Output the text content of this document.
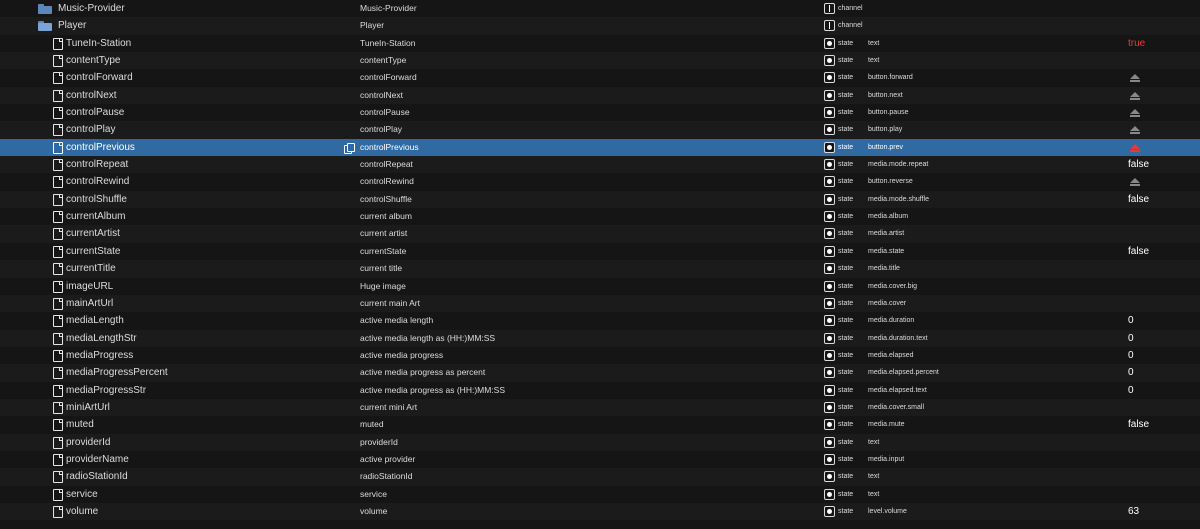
Music-Provider	Music-Provider	channel
Player	Player	channel
TuneIn-Station	TuneIn-Station	state text	true
contentType	contentType	state text
controlForward	controlForward	state button.forward
controlNext	controlNext	state button.next
controlPause	controlPause	state button.pause
controlPlay	controlPlay	state button.play
controlPrevious	controlPrevious	state button.prev
controlRepeat	controlRepeat	state media.mode.repeat	false
controlRewind	controlRewind	state button.reverse
controlShuffle	controlShuffle	state media.mode.shuffle	false
currentAlbum	current album	state media.album
currentArtist	current artist	state media.artist
currentState	currentState	state media.state	false
currentTitle	current title	state media.title
imageURL	Huge image	state media.cover.big
mainArtUrl	current main Art	state media.cover
mediaLength	active media length	state media.duration	0
mediaLengthStr	active media length as (HH:)MM:SS	state media.duration.text	0
mediaProgress	active media progress	state media.elapsed	0
mediaProgressPercent	active media progress as percent	state media.elapsed.percent	0
mediaProgressStr	active media progress as (HH:)MM:SS	state media.elapsed.text	0
miniArtUrl	current mini Art	state media.cover.small
muted	muted	state media.mute	false
providerId	providerId	state text
providerName	active provider	state media.input
radioStationId	radioStationId	state text
service	service	state text
volume	volume	state level.volume	63
